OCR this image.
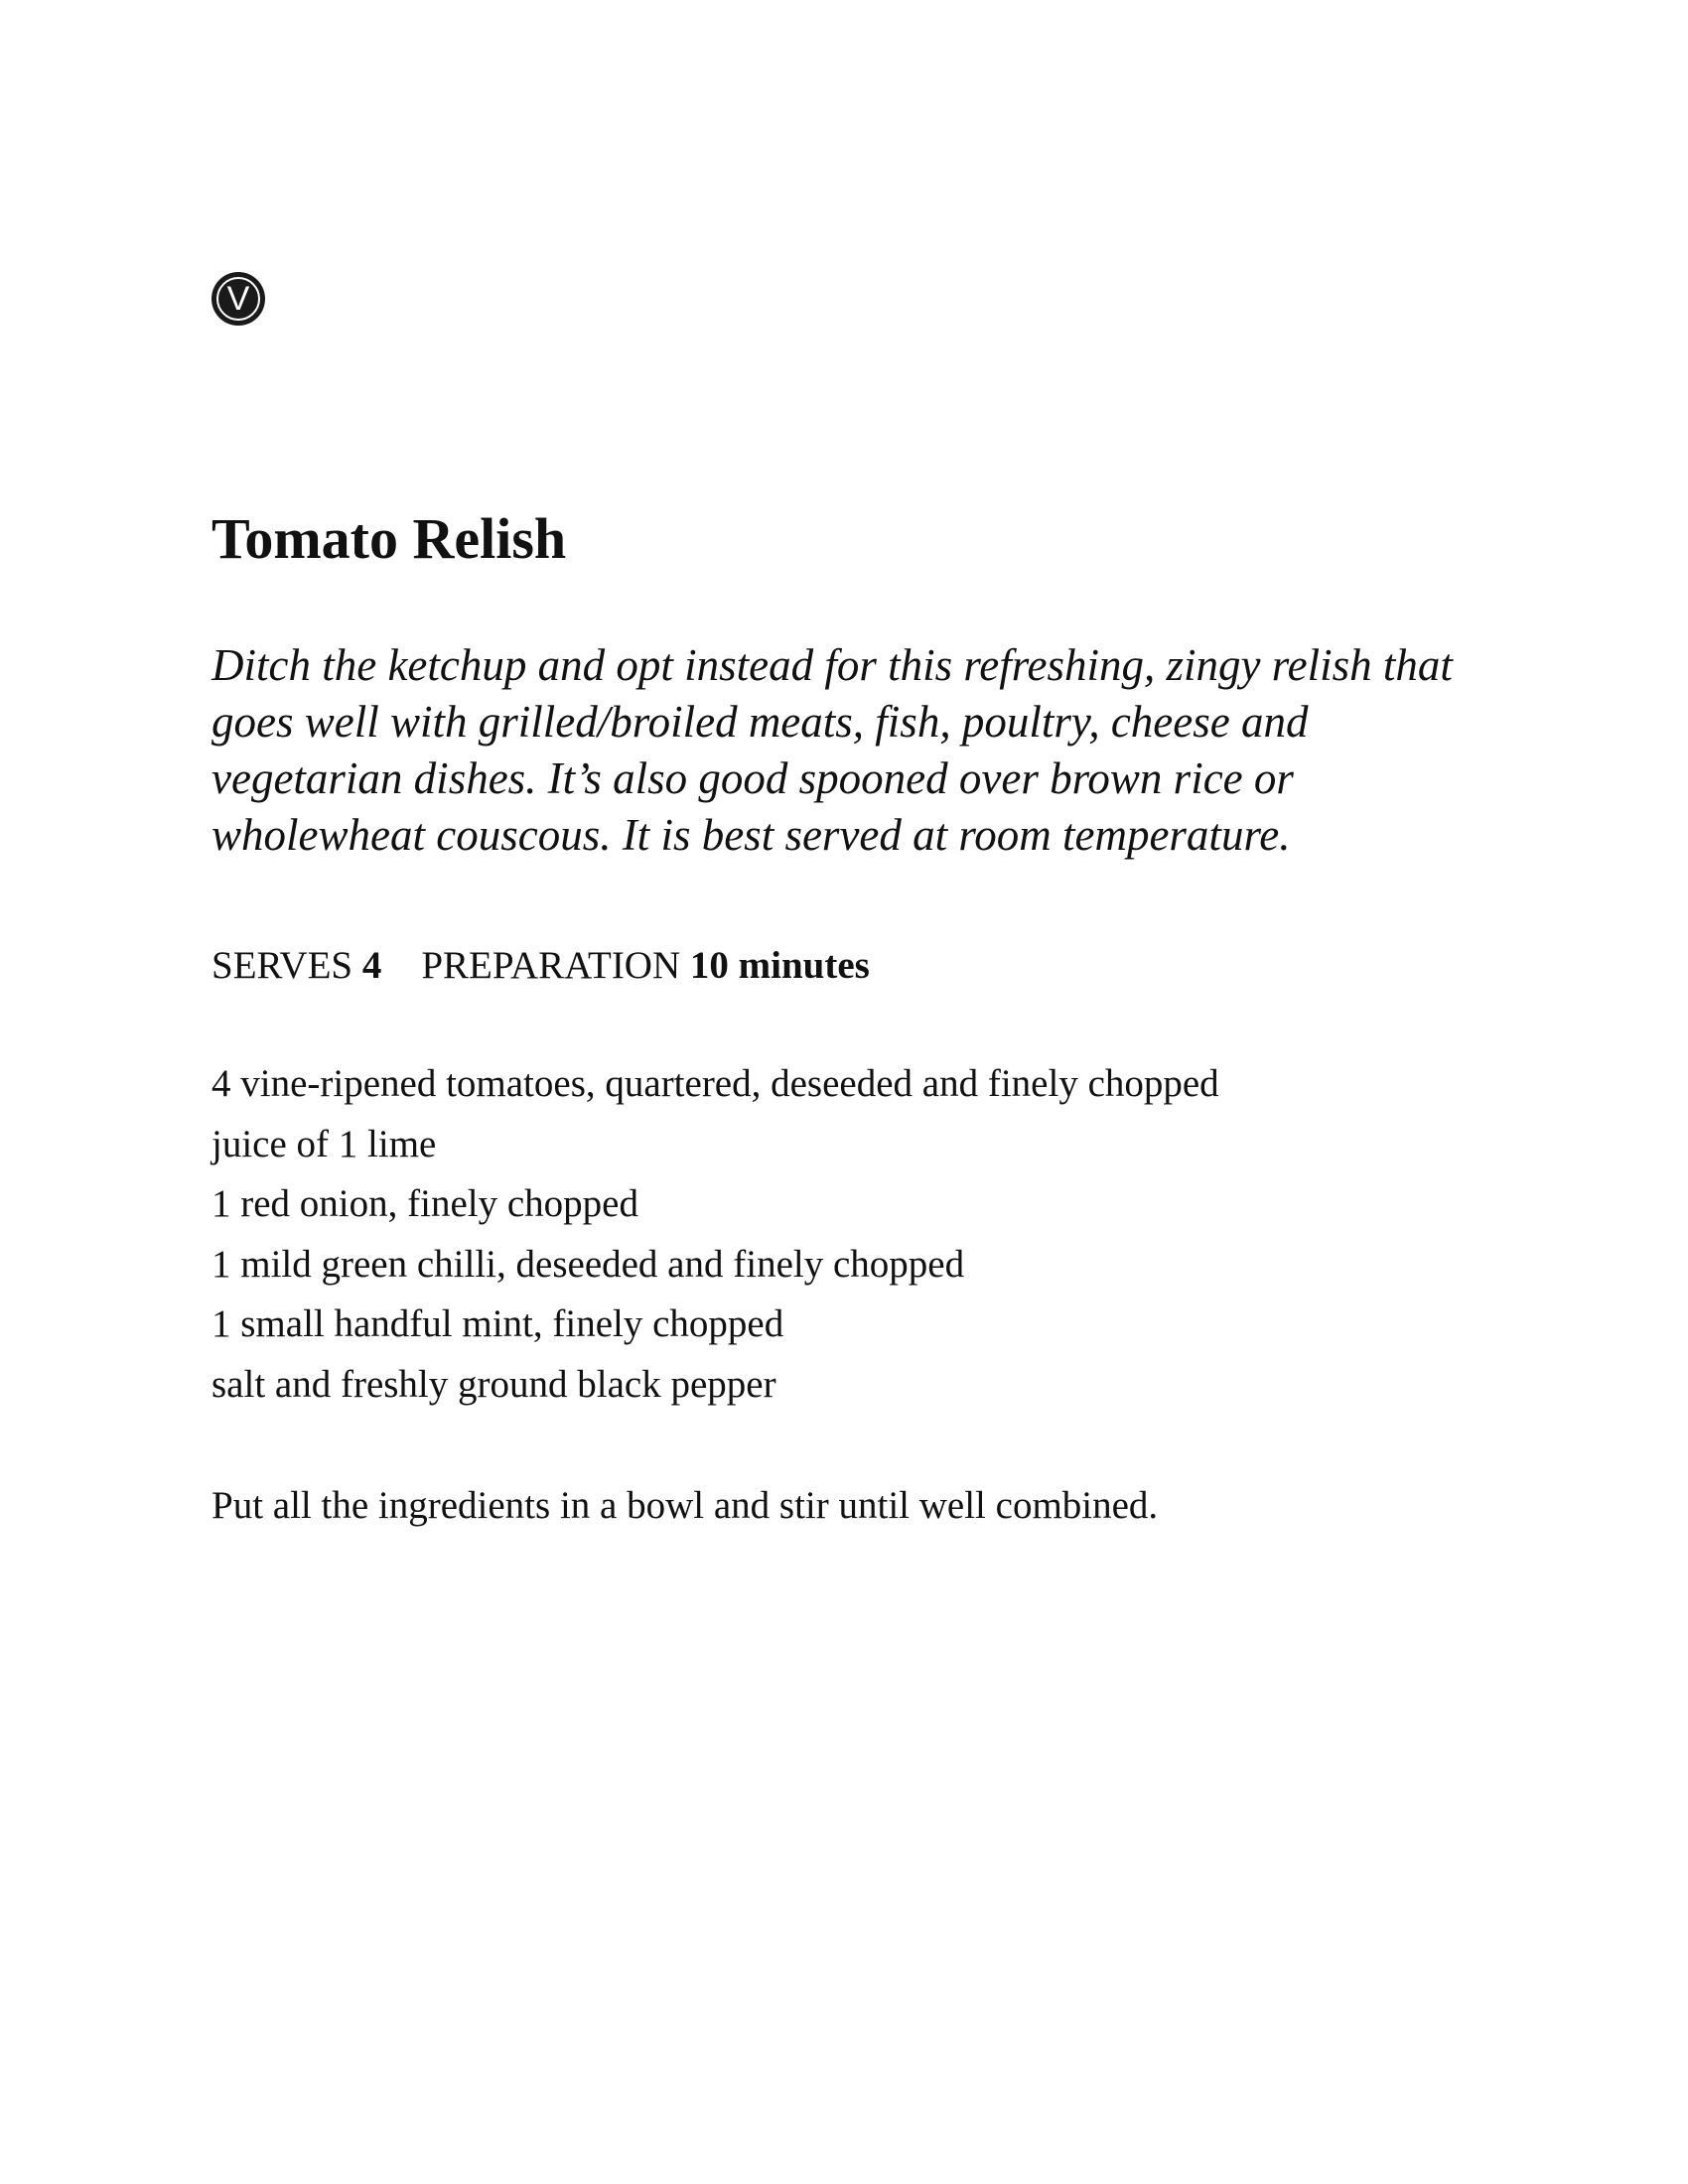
V
Tomato Relish

Ditch the ketchup and opt instead for this refreshing, zingy relish that goes well with grilled/broiled meats, fish, poultry, cheese and vegetarian dishes. It’s also good spooned over brown rice or wholewheat couscous. It is best served at room temperature.

SERVES 4 PREPARATION 10 minutes

4 vine-ripened tomatoes, quartered, deseeded and finely chopped
juice of 1 lime
1 red onion, finely chopped
1 mild green chilli, deseeded and finely chopped
1 small handful mint, finely chopped
salt and freshly ground black pepper

Put all the ingredients in a bowl and stir until well combined.
